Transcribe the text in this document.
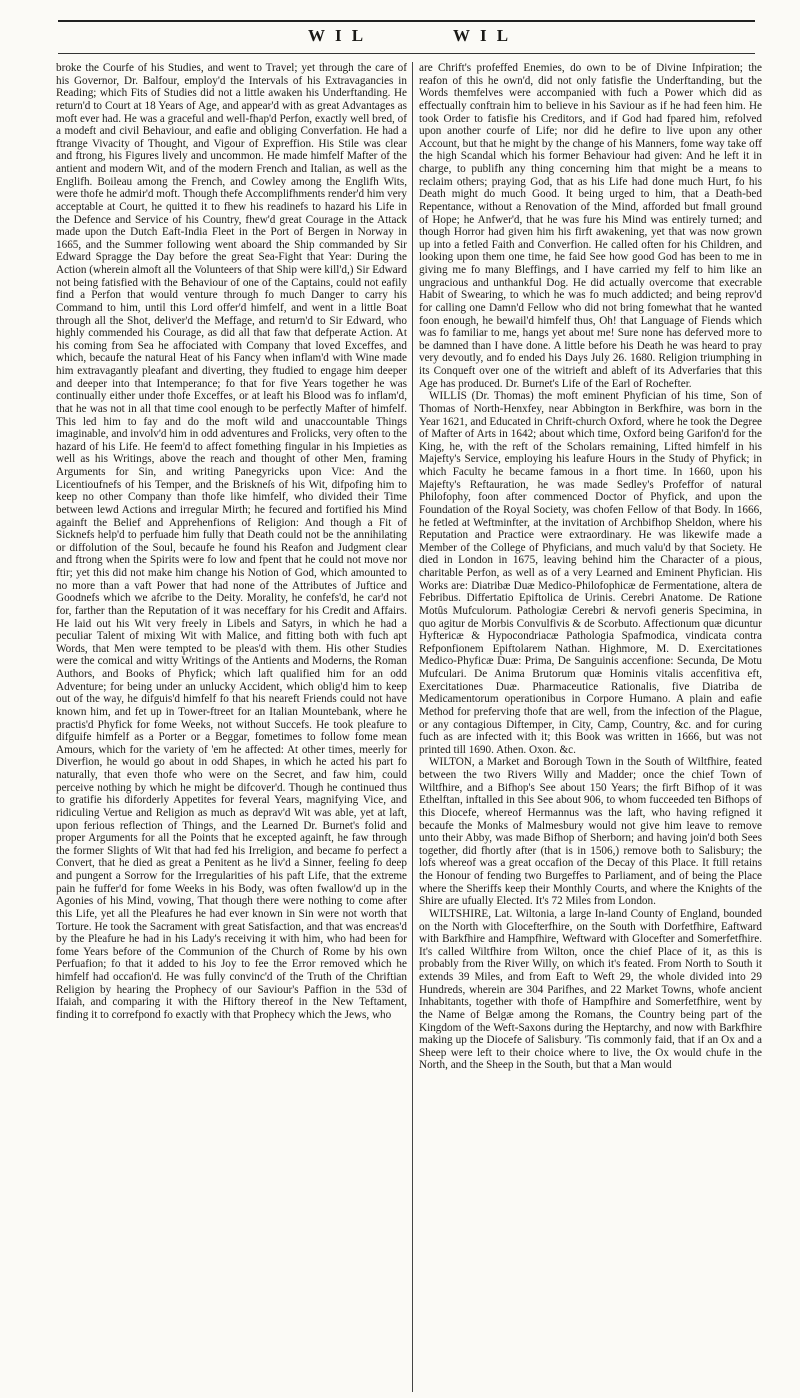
W I L	W I L

broke the Courfe of his Studies, and went to Travel; yet through the care of his Governor, Dr. Balfour, employ'd the Intervals of his Extravagancies in Reading; which Fits of Studies did not a little awaken his Underftanding. He return'd to Court at 18 Years of Age, and appear'd with as great Advantages as moft ever had. He was a graceful and well-fhap'd Perfon, exactly well bred, of a modeft and civil Behaviour, and eafie and obliging Converfation. He had a ftrange Vivacity of Thought, and Vigour of Expreffion. His Stile was clear and ftrong, his Figures lively and uncommon. He made himfelf Mafter of the antient and modern Wit, and of the modern French and Italian, as well as the Englifh. Boileau among the French, and Cowley among the Englifh Wits, were thofe he admir'd moft. Though thefe Accomplifhments render'd him very acceptable at Court, he quitted it to fhew his readinefs to hazard his Life in the Defence and Service of his Country, fhew'd great Courage in the Attack made upon the Dutch Eaft-India Fleet in the Port of Bergen in Norway in 1665, and the Summer following went aboard the Ship commanded by Sir Edward Spragge the Day before the great Sea-Fight that Year: During the Action (wherein almoft all the Volunteers of that Ship were kill'd,) Sir Edward not being fatisfied with the Behaviour of one of the Captains, could not eafily find a Perfon that would venture through fo much Danger to carry his Command to him, until this Lord offer'd himfelf, and went in a little Boat through all the Shot, deliver'd the Meffage, and return'd to Sir Edward, who highly commended his Courage, as did all that faw that defperate Action. At his coming from Sea he affociated with Company that loved Exceffes, and which, becaufe the natural Heat of his Fancy when inflam'd with Wine made him extravagantly pleafant and diverting, they ftudied to engage him deeper and deeper into that Intemperance; fo that for five Years together he was continually either under thofe Exceffes, or at leaft his Blood was fo inflam'd, that he was not in all that time cool enough to be perfectly Mafter of himfelf. This led him to fay and do the moft wild and unaccountable Things imaginable, and involv'd him in odd adventures and Frolicks, very often to the hazard of his Life. He feem'd to affect fomething fingular in his Impieties as well as his Writings, above the reach and thought of other Men, framing Arguments for Sin, and writing Panegyricks upon Vice: And the Licentioufnefs of his Temper, and the Briskneſs of his Wit, difpofing him to keep no other Company than thofe like himfelf, who divided their Time between lewd Actions and irregular Mirth; he fecured and fortified his Mind againft the Belief and Apprehenfions of Religion: And though a Fit of Sicknefs help'd to perfuade him fully that Death could not be the annihilating or diffolution of the Soul, becaufe he found his Reafon and Judgment clear and ftrong when the Spirits were fo low and fpent that he could not move nor ftir; yet this did not make him change his Notion of God, which amounted to no more than a vaft Power that had none of the Attributes of Juftice and Goodnefs which we afcribe to the Deity. Morality, he confefs'd, he car'd not for, farther than the Reputation of it was neceffary for his Credit and Affairs. He laid out his Wit very freely in Libels and Satyrs, in which he had a peculiar Talent of mixing Wit with Malice, and fitting both with fuch apt Words, that Men were tempted to be pleas'd with them. His other Studies were the comical and witty Writings of the Antients and Moderns, the Roman Authors, and Books of Phyfick; which laft qualified him for an odd Adventure; for being under an unlucky Accident, which oblig'd him to keep out of the way, he difguis'd himfelf fo that his neareft Friends could not have known him, and fet up in Tower-ftreet for an Italian Mountebank, where he practis'd Phyfick for fome Weeks, not without Succefs. He took pleafure to difguife himfelf as a Porter or a Beggar, fometimes to follow fome mean Amours, which for the variety of 'em he affected: At other times, meerly for Diverfion, he would go about in odd Shapes, in which he acted his part fo naturally, that even thofe who were on the Secret, and faw him, could perceive nothing by which he might be difcover'd. Though he continued thus to gratifie his diforderly Appetites for feveral Years, magnifying Vice, and ridiculing Vertue and Religion as much as deprav'd Wit was able, yet at laft, upon ferious reflection of Things, and the Learned Dr. Burnet's folid and proper Arguments for all the Points that he excepted againft, he faw through the former Slights of Wit that had fed his Irreligion, and became fo perfect a Convert, that he died as great a Penitent as he liv'd a Sinner, feeling fo deep and pungent a Sorrow for the Irregularities of his paft Life, that the extreme pain he fuffer'd for fome Weeks in his Body, was often fwallow'd up in the Agonies of his Mind, vowing, That though there were nothing to come after this Life, yet all the Pleafures he had ever known in Sin were not worth that Torture. He took the Sacrament with great Satisfaction, and that was encreas'd by the Pleafure he had in his Lady's receiving it with him, who had been for fome Years before of the Communion of the Church of Rome by his own Perfuafion; fo that it added to his Joy to fee the Error removed which he himfelf had occafion'd. He was fully convinc'd of the Truth of the Chriftian Religion by hearing the Prophecy of our Saviour's Paffion in the 53d of Ifaiah, and comparing it with the Hiftory thereof in the New Teftament, finding it to correfpond fo exactly with that Prophecy which the Jews, who

are Chrift's profeffed Enemies, do own to be of Divine Infpiration; the reafon of this he own'd, did not only fatisfie the Underftanding, but the Words themfelves were accompanied with fuch a Power which did as effectually conftrain him to believe in his Saviour as if he had feen him. He took Order to fatisfie his Creditors, and if God had fpared him, refolved upon another courfe of Life; nor did he defire to live upon any other Account, but that he might by the change of his Manners, fome way take off the high Scandal which his former Behaviour had given: And he left it in charge, to publifh any thing concerning him that might be a means to reclaim others; praying God, that as his Life had done much Hurt, fo his Death might do much Good. It being urged to him, that a Death-bed Repentance, without a Renovation of the Mind, afforded but fmall ground of Hope; he Anfwer'd, that he was fure his Mind was entirely turned; and though Horror had given him his firft awakening, yet that was now grown up into a fetled Faith and Converfion. He called often for his Children, and looking upon them one time, he faid See how good God has been to me in giving me fo many Bleffings, and I have carried my felf to him like an ungracious and unthankful Dog. He did actually overcome that execrable Habit of Swearing, to which he was fo much addicted; and being reprov'd for calling one Damn'd Fellow who did not bring fomewhat that he wanted foon enough, he bewail'd himfelf thus, Oh! that Language of Fiends which was fo familiar to me, hangs yet about me! Sure none has deferved more to be damned than I have done. A little before his Death he was heard to pray very devoutly, and fo ended his Days July 26. 1680. Religion triumphing in its Conqueft over one of the witrieft and ableft of its Adverfaries that this Age has produced. Dr. Burnet's Life of the Earl of Rochefter.

WILLIS (Dr. Thomas) the moft eminent Phyfician of his time, Son of Thomas of North-Henxfey, near Abbington in Berkfhire, was born in the Year 1621, and Educated in Chrift-church Oxford, where he took the Degree of Mafter of Arts in 1642; about which time, Oxford being Garifon'd for the King, he, with the reft of the Scholars remaining, Lifted himfelf in his Majefty's Service, employing his leafure Hours in the Study of Phyfick; in which Faculty he became famous in a fhort time. In 1660, upon his Majefty's Reftauration, he was made Sedley's Profeffor of natural Philofophy, foon after commenced Doctor of Phyfick, and upon the Foundation of the Royal Society, was chofen Fellow of that Body. In 1666, he fetled at Weftminfter, at the invitation of Archbifhop Sheldon, where his Reputation and Practice were extraordinary. He was likewife made a Member of the College of Phyficians, and much valu'd by that Society. He died in London in 1675, leaving behind him the Character of a pious, charitable Perfon, as well as of a very Learned and Eminent Phyfician. His Works are: Diatribæ Duæ Medico-Philofophicæ de Fermentatione, altera de Febribus. Differtatio Epiftolica de Urinis. Cerebri Anatome. De Ratione Motûs Mufculorum. Pathologiæ Cerebri & nervofi generis Specimina, in quo agitur de Morbis Convulfivis & de Scorbuto. Affectionum quæ dicuntur Hyftericæ & Hypocondriacæ Pathologia Spafmodica, vindicata contra Refponfionem Epiftolarem Nathan. Highmore, M. D. Exercitationes Medico-Phyficæ Duæ: Prima, De Sanguinis accenfione: Secunda, De Motu Mufculari. De Anima Brutorum quæ Hominis vitalis accenfitiva eft, Exercitationes Duæ. Pharmaceutice Rationalis, five Diatriba de Medicamentorum operationibus in Corpore Humano. A plain and eafie Method for preferving thofe that are well, from the infection of the Plague, or any contagious Diftemper, in City, Camp, Country, &c. and for curing fuch as are infected with it; this Book was written in 1666, but was not printed till 1690. Athen. Oxon. &c.

WILTON, a Market and Borough Town in the South of Wiltfhire, feated between the two Rivers Willy and Madder; once the chief Town of Wiltfhire, and a Bifhop's See about 150 Years; the firft Bifhop of it was Ethelftan, inftalled in this See about 906, to whom fucceeded ten Bifhops of this Diocefe, whereof Hermannus was the laft, who having refigned it becaufe the Monks of Malmesbury would not give him leave to remove unto their Abby, was made Bifhop of Sherborn; and having join'd both Sees together, did fhortly after (that is in 1506,) remove both to Salisbury; the lofs whereof was a great occafion of the Decay of this Place. It ftill retains the Honour of fending two Burgeffes to Parliament, and of being the Place where the Sheriffs keep their Monthly Courts, and where the Knights of the Shire are ufually Elected. It's 72 Miles from London.

WILTSHIRE, Lat. Wiltonia, a large In-land County of England, bounded on the North with Glocefterfhire, on the South with Dorfetfhire, Eaftward with Barkfhire and Hampfhire, Weftward with Glocefter and Somerfetfhire. It's called Wiltfhire from Wilton, once the chief Place of it, as this is probably from the River Willy, on which it's feated. From North to South it extends 39 Miles, and from Eaft to Weft 29, the whole divided into 29 Hundreds, wherein are 304 Parifhes, and 22 Market Towns, whofe ancient Inhabitants, together with thofe of Hampfhire and Somerfetfhire, went by the Name of Belgæ among the Romans, the Country being part of the Kingdom of the Weft-Saxons during the Heptarchy, and now with Barkfhire making up the Diocefe of Salisbury. 'Tis commonly faid, that if an Ox and a Sheep were left to their choice where to live, the Ox would chufe in the North, and the Sheep in the South, but that a Man would
